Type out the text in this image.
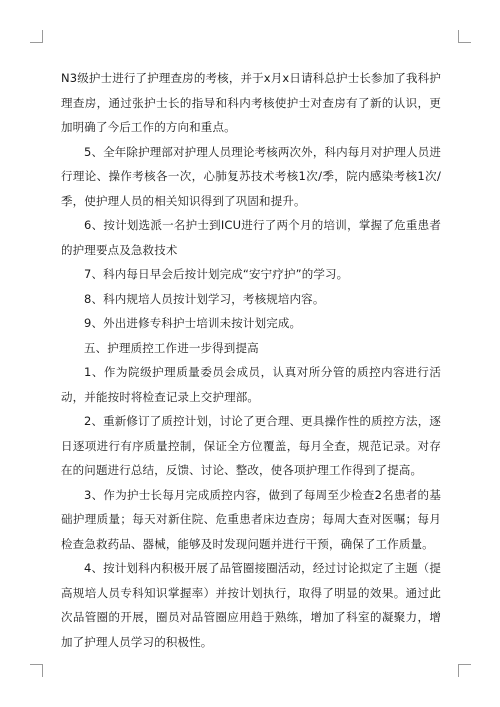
N3级护士进行了护理查房的考核，并于x月x日请科总护士长参加了我科护理查房，通过张护士长的指导和科内考核使护士对查房有了新的认识，更加明确了今后工作的方向和重点。

5、全年除护理部对护理人员理论考核两次外，科内每月对护理人员进行理论、操作考核各一次，心肺复苏技术考核1次/季，院内感染考核1次/季，使护理人员的相关知识得到了巩固和提升。

6、按计划选派一名护士到ICU进行了两个月的培训，掌握了危重患者的护理要点及急救技术

7、科内每日早会后按计划完成“安宁疗护”的学习。

8、科内规培人员按计划学习，考核规培内容。

9、外出进修专科护士培训未按计划完成。

五、护理质控工作进一步得到提高

1、作为院级护理质量委员会成员，认真对所分管的质控内容进行活动，并能按时将检查记录上交护理部。

2、重新修订了质控计划，讨论了更合理、更具操作性的质控方法，逐日逐项进行有序质量控制，保证全方位覆盖，每月全查，规范记录。对存在的问题进行总结，反馈、讨论、整改，使各项护理工作得到了提高。

3、作为护士长每月完成质控内容，做到了每周至少检查2名患者的基础护理质量；每天对新住院、危重患者床边查房；每周大查对医嘱；每月检查急救药品、器械，能够及时发现问题并进行干预，确保了工作质量。

4、按计划科内积极开展了品管圈接圈活动，经过讨论拟定了主题（提高规培人员专科知识掌握率）并按计划执行，取得了明显的效果。通过此次品管圈的开展，圈员对品管圈应用趋于熟练，增加了科室的凝聚力，增加了护理人员学习的积极性。
